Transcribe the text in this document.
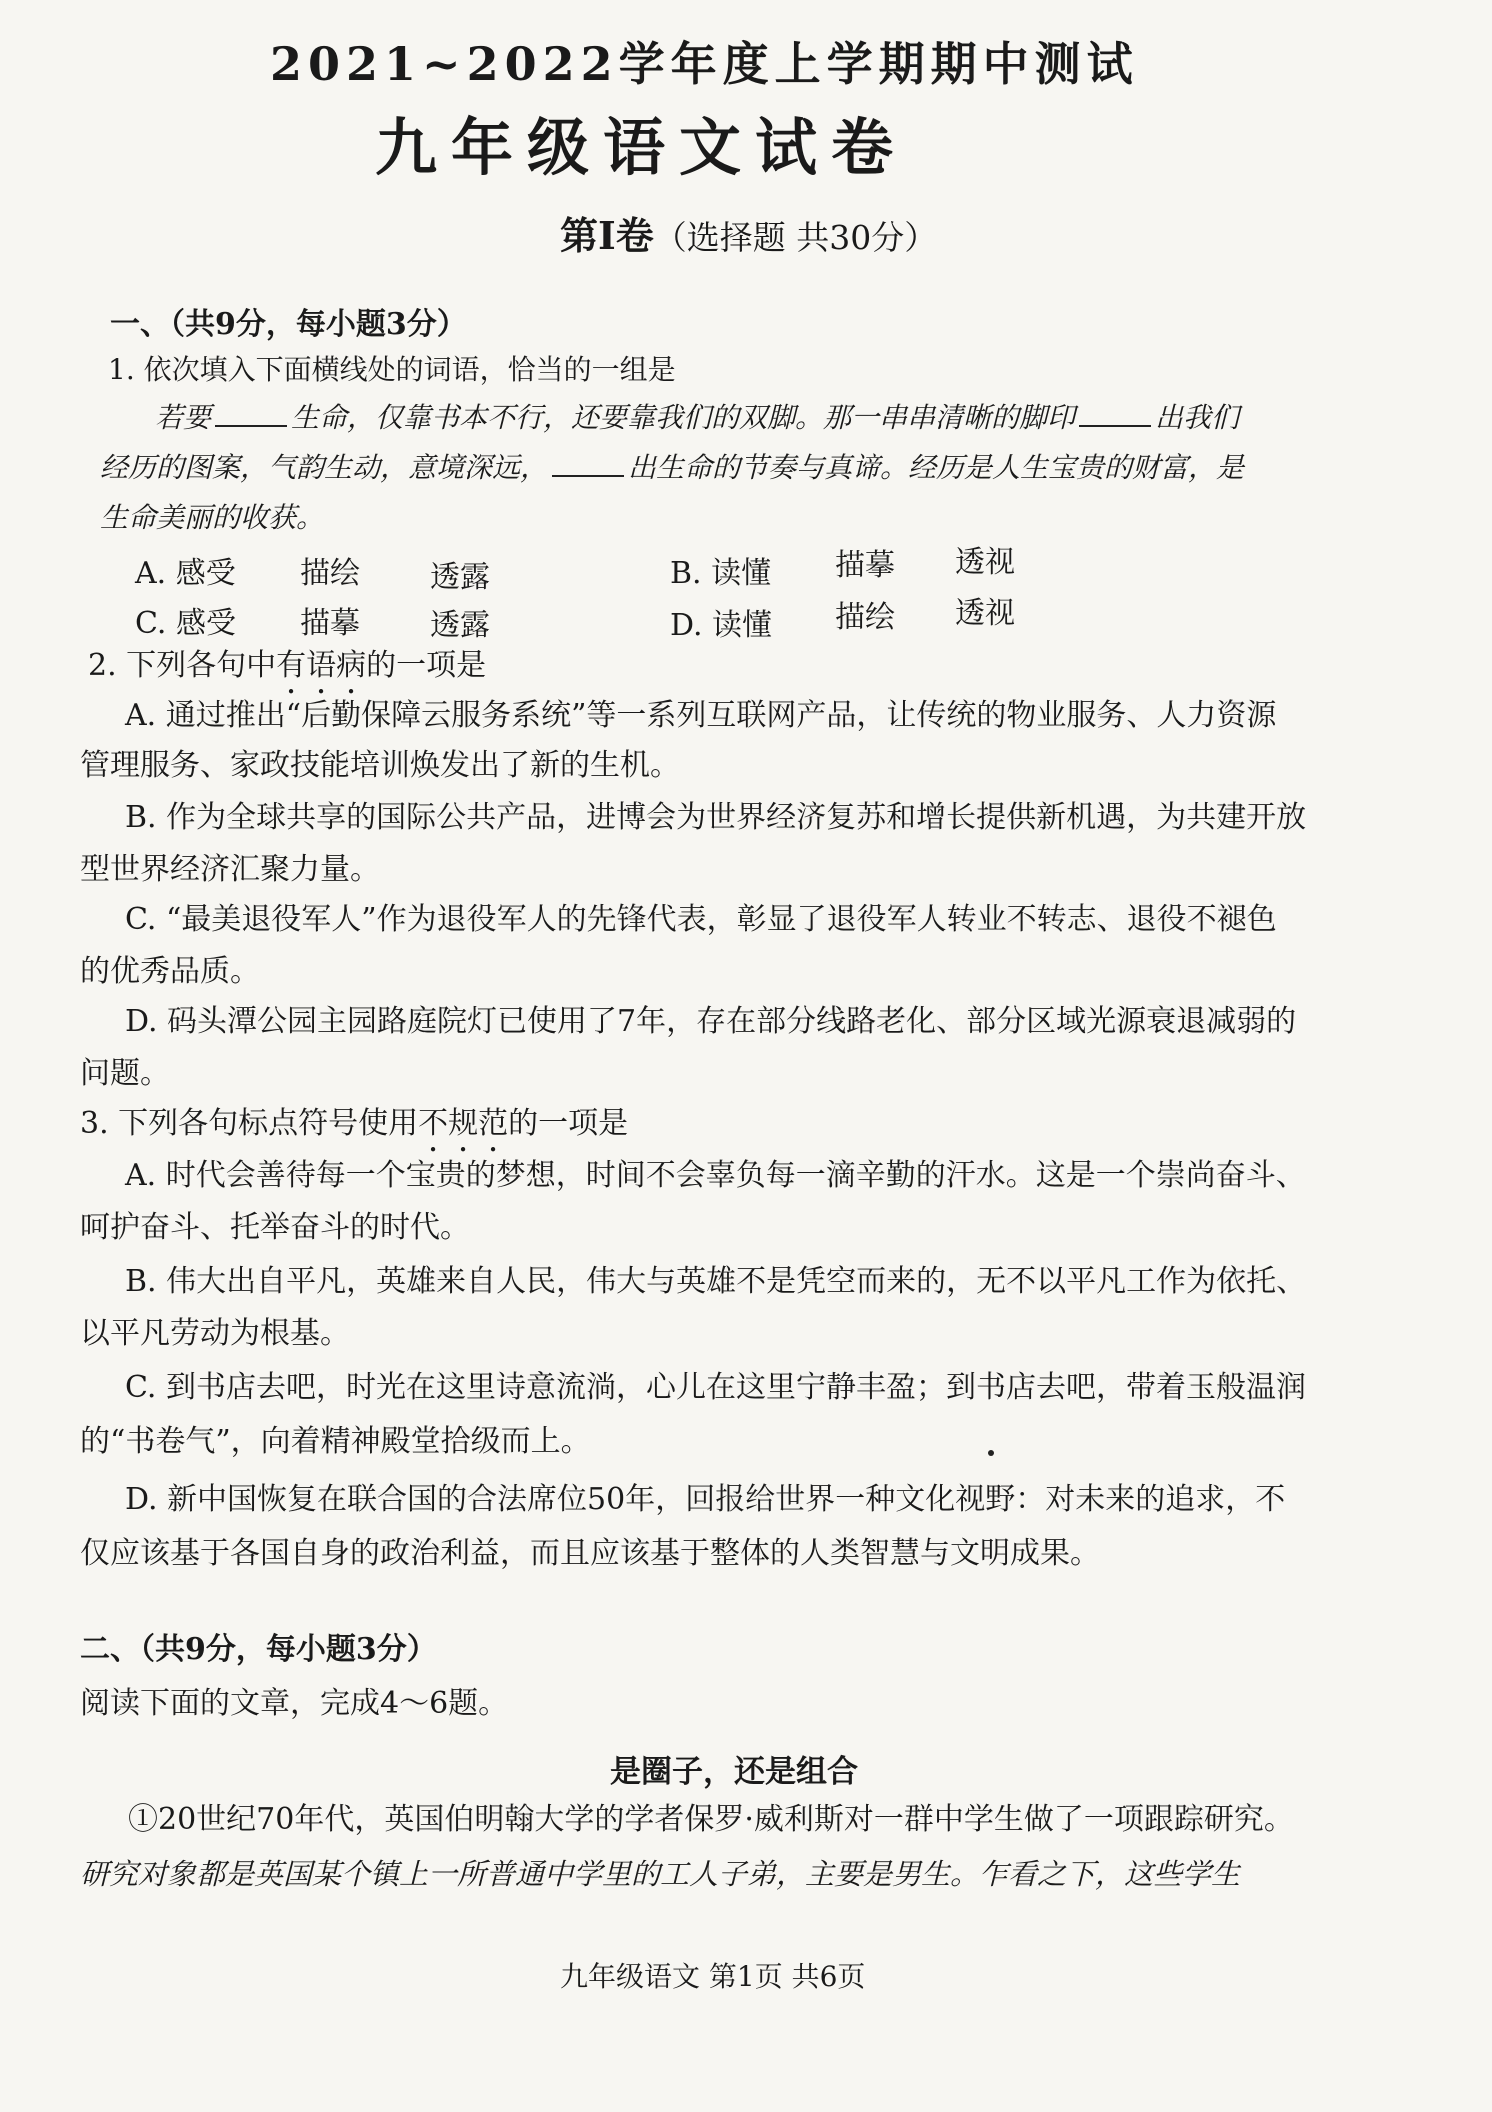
2021~2022学年度上学期期中测试
九年级语文试卷
第Ⅰ卷（选择题 共30分）
一、（共9分，每小题3分）
1. 依次填入下面横线处的词语，恰当的一组是
若要	生命，仅靠书本不行，还要靠我们的双脚。那一串串清晰的脚印	出我们
经历的图案，气韵生动，意境深远，	出生命的节奏与真谛。经历是人生宝贵的财富，是
生命美丽的收获。
A. 感受 描绘 透露	B. 读懂 描摹 透视
C. 感受 描摹 透露	D. 读懂 描绘 透视
2. 下列各句中有语病的一项是
A. 通过推出“后勤保障云服务系统”等一系列互联网产品，让传统的物业服务、人力资源
管理服务、家政技能培训焕发出了新的生机。
B. 作为全球共享的国际公共产品，进博会为世界经济复苏和增长提供新机遇，为共建开放
型世界经济汇聚力量。
C. “最美退役军人”作为退役军人的先锋代表，彰显了退役军人转业不转志、退役不褪色
的优秀品质。
D. 码头潭公园主园路庭院灯已使用了7年，存在部分线路老化、部分区域光源衰退减弱的
问题。
3. 下列各句标点符号使用不规范的一项是
A. 时代会善待每一个宝贵的梦想，时间不会辜负每一滴辛勤的汗水。这是一个崇尚奋斗、
呵护奋斗、托举奋斗的时代。
B. 伟大出自平凡，英雄来自人民，伟大与英雄不是凭空而来的，无不以平凡工作为依托、
以平凡劳动为根基。
C. 到书店去吧，时光在这里诗意流淌，心儿在这里宁静丰盈；到书店去吧，带着玉般温润
的“书卷气”，向着精神殿堂拾级而上。
D. 新中国恢复在联合国的合法席位50年，回报给世界一种文化视野：对未来的追求，不
仅应该基于各国自身的政治利益，而且应该基于整体的人类智慧与文明成果。
二、（共9分，每小题3分）
阅读下面的文章，完成4～6题。
是圈子，还是组合
①20世纪70年代，英国伯明翰大学的学者保罗·威利斯对一群中学生做了一项跟踪研究。
研究对象都是英国某个镇上一所普通中学里的工人子弟，主要是男生。乍看之下，这些学生
九年级语文 第1页 共6页
